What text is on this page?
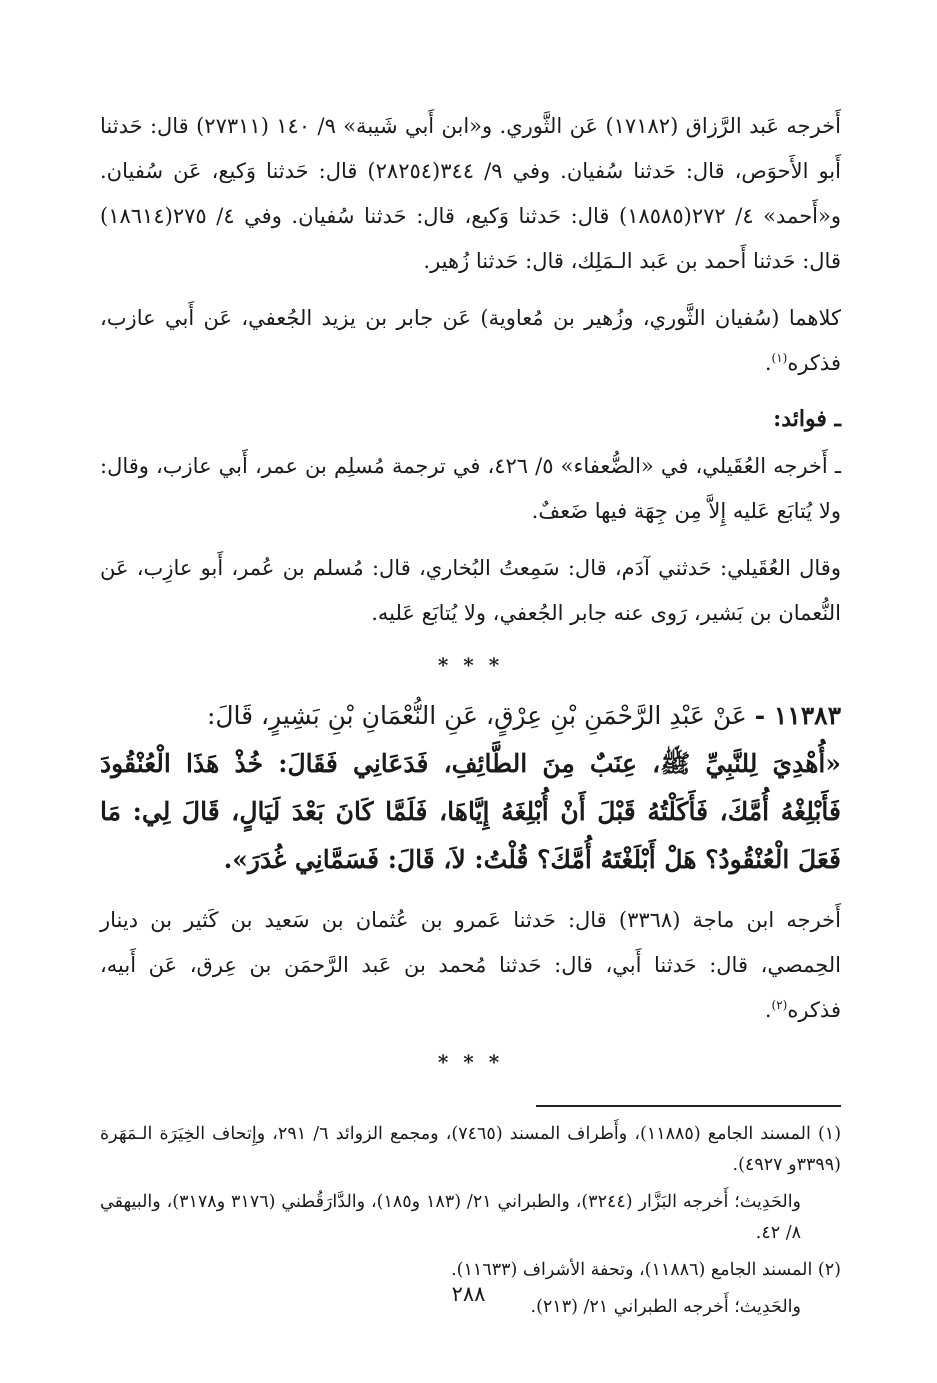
أَخرجه عَبد الرَّزاق (١٧١٨٢) عَن الثَّوري. و«ابن أَبي شَيبة» ٩/ ١٤٠ (٢٧٣١١) قال: حَدثنا أَبو الأَحوَص، قال: حَدثنا سُفيان. وفي ٩/ ٣٤٤(٢٨٢٥٤) قال: حَدثنا وَكيع، عَن سُفيان. و«أَحمد» ٤/ ٢٧٢(١٨٥٨٥) قال: حَدثنا وَكيع، قال: حَدثنا سُفيان. وفي ٤/ ٢٧٥(١٨٦١٤) قال: حَدثنا أَحمد بن عَبد الـمَلِك، قال: حَدثنا زُهير.

كلاهما (سُفيان الثَّوري، وزُهير بن مُعاوية) عَن جابر بن يزيد الجُعفي، عَن أَبي عازب، فذكره$^{(١)}$.

ـ فوائد:

ـ أَخرجه العُقَيلي، في «الضُّعفاء» ٥/ ٤٢٦، في ترجمة مُسلِم بن عمر، أَبي عازب، وقال: ولا يُتابَع عَليه إِلاَّ مِن جِهَة فيها ضَعفٌ.

وقال العُقَيلي: حَدثني آدَم، قال: سَمِعتُ البُخاري، قال: مُسلم بن عُمر، أَبو عازِب، عَن النُّعمان بن بَشير، رَوى عنه جابر الجُعفي، ولا يُتابَع عَليه.

* * *

١١٣٨٣ - عَنْ عَبْدِ الرَّحْمَنِ بْنِ عِرْقٍ، عَنِ النُّعْمَانِ بْنِ بَشِيرٍ، قَالَ:

«أُهْدِيَ لِلنَّبِيِّ ﷺ، عِنَبٌ مِنَ الطَّائِفِ، فَدَعَانِي فَقَالَ: خُذْ هَذَا الْعُنْقُودَ فَأَبْلِغْهُ أُمَّكَ، فَأَكَلْتُهُ قَبْلَ أَنْ أُبْلِغَهُ إِيَّاهَا، فَلَمَّا كَانَ بَعْدَ لَيَالٍ، قَالَ لِي: مَا فَعَلَ الْعُنْقُودُ؟ هَلْ أَبْلَغْتَهُ أُمَّكَ؟ قُلْتُ: لاَ، قَالَ: فَسَمَّانِي غُدَرَ».

أَخرجه ابن ماجة (٣٣٦٨) قال: حَدثنا عَمرو بن عُثمان بن سَعيد بن كَثير بن دينار الحِمصي، قال: حَدثنا أَبي، قال: حَدثنا مُحمد بن عَبد الرَّحمَن بن عِرق، عَن أَبيه، فذكره$^{(٢)}$.

* * *

(١) المسند الجامع (١١٨٨٥)، وأَطراف المسند (٧٤٦٥)، ومجمع الزوائد ٦/ ٢٩١، وإِتحاف الخِيَرَة الـمَهَرة (٣٣٩٩و ٤٩٢٧).

والحَدِيث؛ أَخرجه البَزَّار (٣٢٤٤)، والطبراني ٢١/ (١٨٣ و١٨٥)، والدَّارَقُطني (٣١٧٦ و٣١٧٨)، والبيهقي ٨/ ٤٢.

(٢) المسند الجامع (١١٨٨٦)، وتحفة الأشراف (١١٦٣٣).

والحَدِيث؛ أَخرجه الطبراني ٢١/ (٢١٣).

٢٨٨
